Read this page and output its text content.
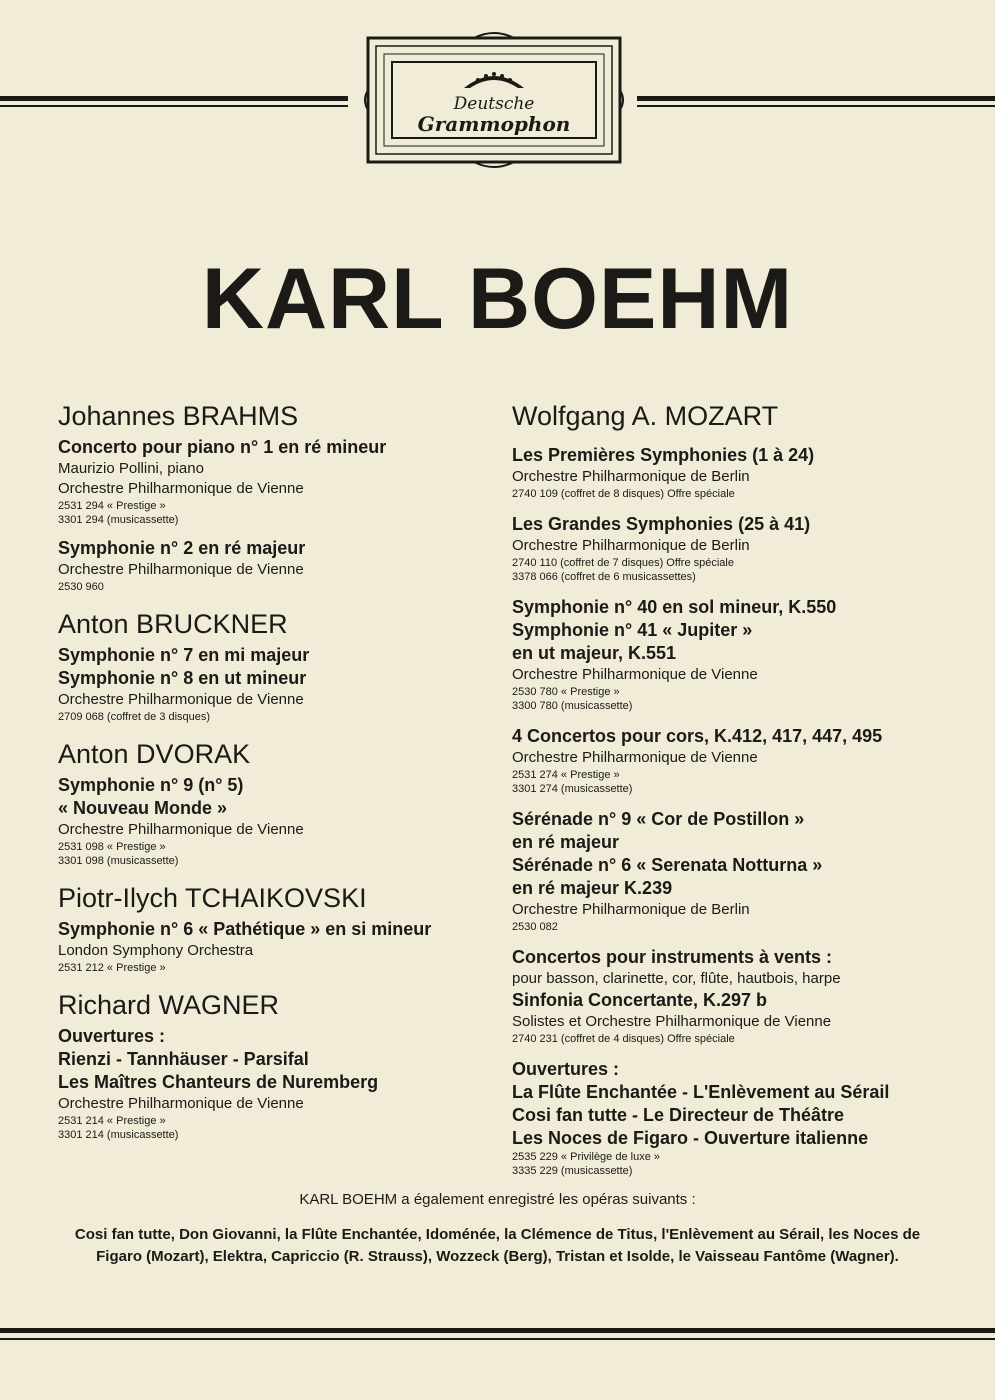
Deutsche
Grammophon
KARL BOEHM
Johannes BRAHMS
Concerto pour piano n° 1 en ré mineur
Maurizio Pollini, piano
Orchestre Philharmonique de Vienne
2531 294 « Prestige »
3301 294 (musicassette)
Symphonie n° 2 en ré majeur
Orchestre Philharmonique de Vienne
2530 960
Anton BRUCKNER
Symphonie n° 7 en mi majeur
Symphonie n° 8 en ut mineur
Orchestre Philharmonique de Vienne
2709 068 (coffret de 3 disques)
Anton DVORAK
Symphonie n° 9 (n° 5)
« Nouveau Monde »
Orchestre Philharmonique de Vienne
2531 098 « Prestige »
3301 098 (musicassette)
Piotr-Ilych TCHAIKOVSKI
Symphonie n° 6 « Pathétique » en si mineur
London Symphony Orchestra
2531 212 « Prestige »
Richard WAGNER
Ouvertures :
Rienzi - Tannhäuser - Parsifal
Les Maîtres Chanteurs de Nuremberg
Orchestre Philharmonique de Vienne
2531 214 « Prestige »
3301 214 (musicassette)
Wolfgang A. MOZART
Les Premières Symphonies (1 à 24)
Orchestre Philharmonique de Berlin
2740 109 (coffret de 8 disques) Offre spéciale
Les Grandes Symphonies (25 à 41)
Orchestre Philharmonique de Berlin
2740 110 (coffret de 7 disques) Offre spéciale
3378 066 (coffret de 6 musicassettes)
Symphonie n° 40 en sol mineur, K.550
Symphonie n° 41 « Jupiter »
en ut majeur, K.551
Orchestre Philharmonique de Vienne
2530 780 « Prestige »
3300 780 (musicassette)
4 Concertos pour cors, K.412, 417, 447, 495
Orchestre Philharmonique de Vienne
2531 274 « Prestige »
3301 274 (musicassette)
Sérénade n° 9 « Cor de Postillon »
en ré majeur
Sérénade n° 6 « Serenata Notturna »
en ré majeur K.239
Orchestre Philharmonique de Berlin
2530 082
Concertos pour instruments à vents :
pour basson, clarinette, cor, flûte, hautbois, harpe
Sinfonia Concertante, K.297 b
Solistes et Orchestre Philharmonique de Vienne
2740 231 (coffret de 4 disques) Offre spéciale
Ouvertures :
La Flûte Enchantée - L'Enlèvement au Sérail
Cosi fan tutte - Le Directeur de Théâtre
Les Noces de Figaro - Ouverture italienne
2535 229 « Privilège de luxe »
3335 229 (musicassette)
KARL BOEHM a également enregistré les opéras suivants :
Cosi fan tutte, Don Giovanni, la Flûte Enchantée, Idoménée, la Clémence de Titus, l'Enlèvement au Sérail, les Noces de Figaro (Mozart), Elektra, Capriccio (R. Strauss), Wozzeck (Berg), Tristan et Isolde, le Vaisseau Fantôme (Wagner).
